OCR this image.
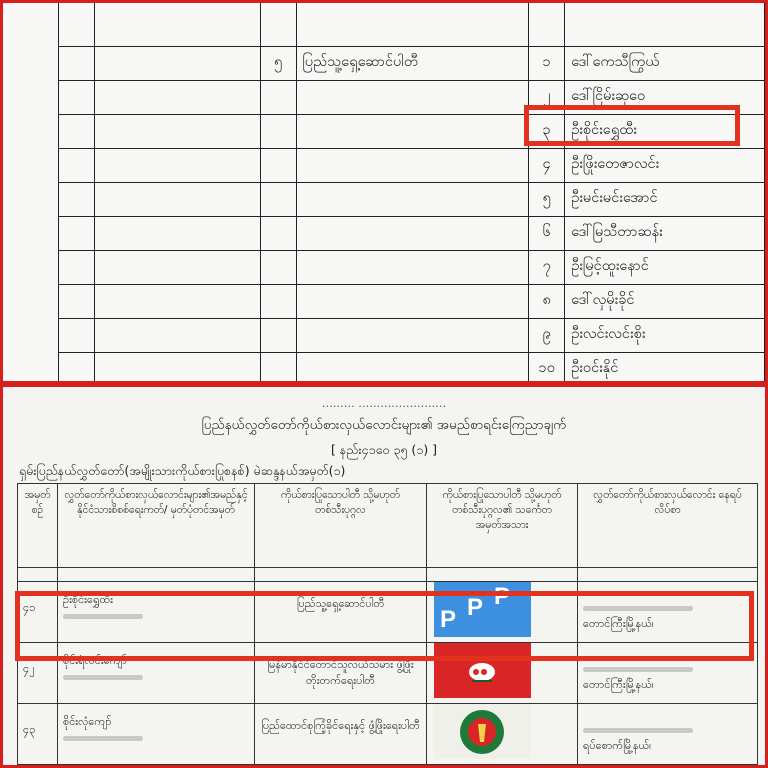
		၅	ပြည်သူ့ရှေ့ဆောင်ပါတီ	၁	ဒေါ်ကေသီကြွယ်
				၂	ဒေါ်ငြိမ်းဆုဝေ
				၃	ဦးစိုင်းရွှေထီး
				၄	ဦးဖြိုးတေဇာလင်း
				၅	ဦးမင်းမင်းအောင်
				၆	ဒေါ်မြသီတာဆန်း
				၇	ဦးမြင့်ထူးနောင်
				၈	ဒေါ်လှမိုးခိုင်
				၉	ဦးလင်းလင်းစိုး
				၁၀	ဦးဝင်းနိုင်
……… ……………………
ပြည်နယ်လွှတ်တော်ကိုယ်စားလှယ်လောင်းများ၏ အမည်စာရင်းကြေညာချက်
[ နည်း၄၁ဝေ ၃၅ (၁) ]
ရှမ်းပြည်နယ်လွှတ်တော်(အမျိုးသားကိုယ်စားပြုစနစ်) မဲဆန္ဒနယ်အမှတ်(၁)
အမှတ်စဉ်	လွှတ်တော်ကိုယ်စားလှယ်လောင်းများ၏အမည်နှင့် နိုင်ငံသားစိစစ်ရေးကတ်/ မှတ်ပုံတင်အမှတ်	ကိုယ်စားပြုသောပါတီ သို့မဟုတ် တစ်သီးပုဂ္ဂလ	ကိုယ်စားပြုသောပါတီ သို့မဟုတ် တစ်သီးပုဂ္ဂလ၏ သင်္ကေတအမှတ်အသား	လွှတ်တော်ကိုယ်စားလှယ်လောင်း နေရပ်လိပ်စာ

၄၁	ဦးစိုင်းရွှေထီး	ပြည်သူ့ရှေ့ဆောင်ပါတီ	P P P	တောင်ကြီးမြို့နယ်၊

၄၂	စိုင်းရဲလင်းကျော်	မြန်မာနိုင်ငံတောင်သူလယ်သမား ဖွံ့ဖြိုးတိုးတက်ရေးပါတီ		တောင်ကြီးမြို့နယ်၊

၄၃	စိုင်းလုံကျော်	ပြည်ထောင်စုကြံ့ခိုင်ရေးနှင့် ဖွံ့ဖြိုးရေးပါတီ		ရပ်စောက်မြို့နယ်၊
